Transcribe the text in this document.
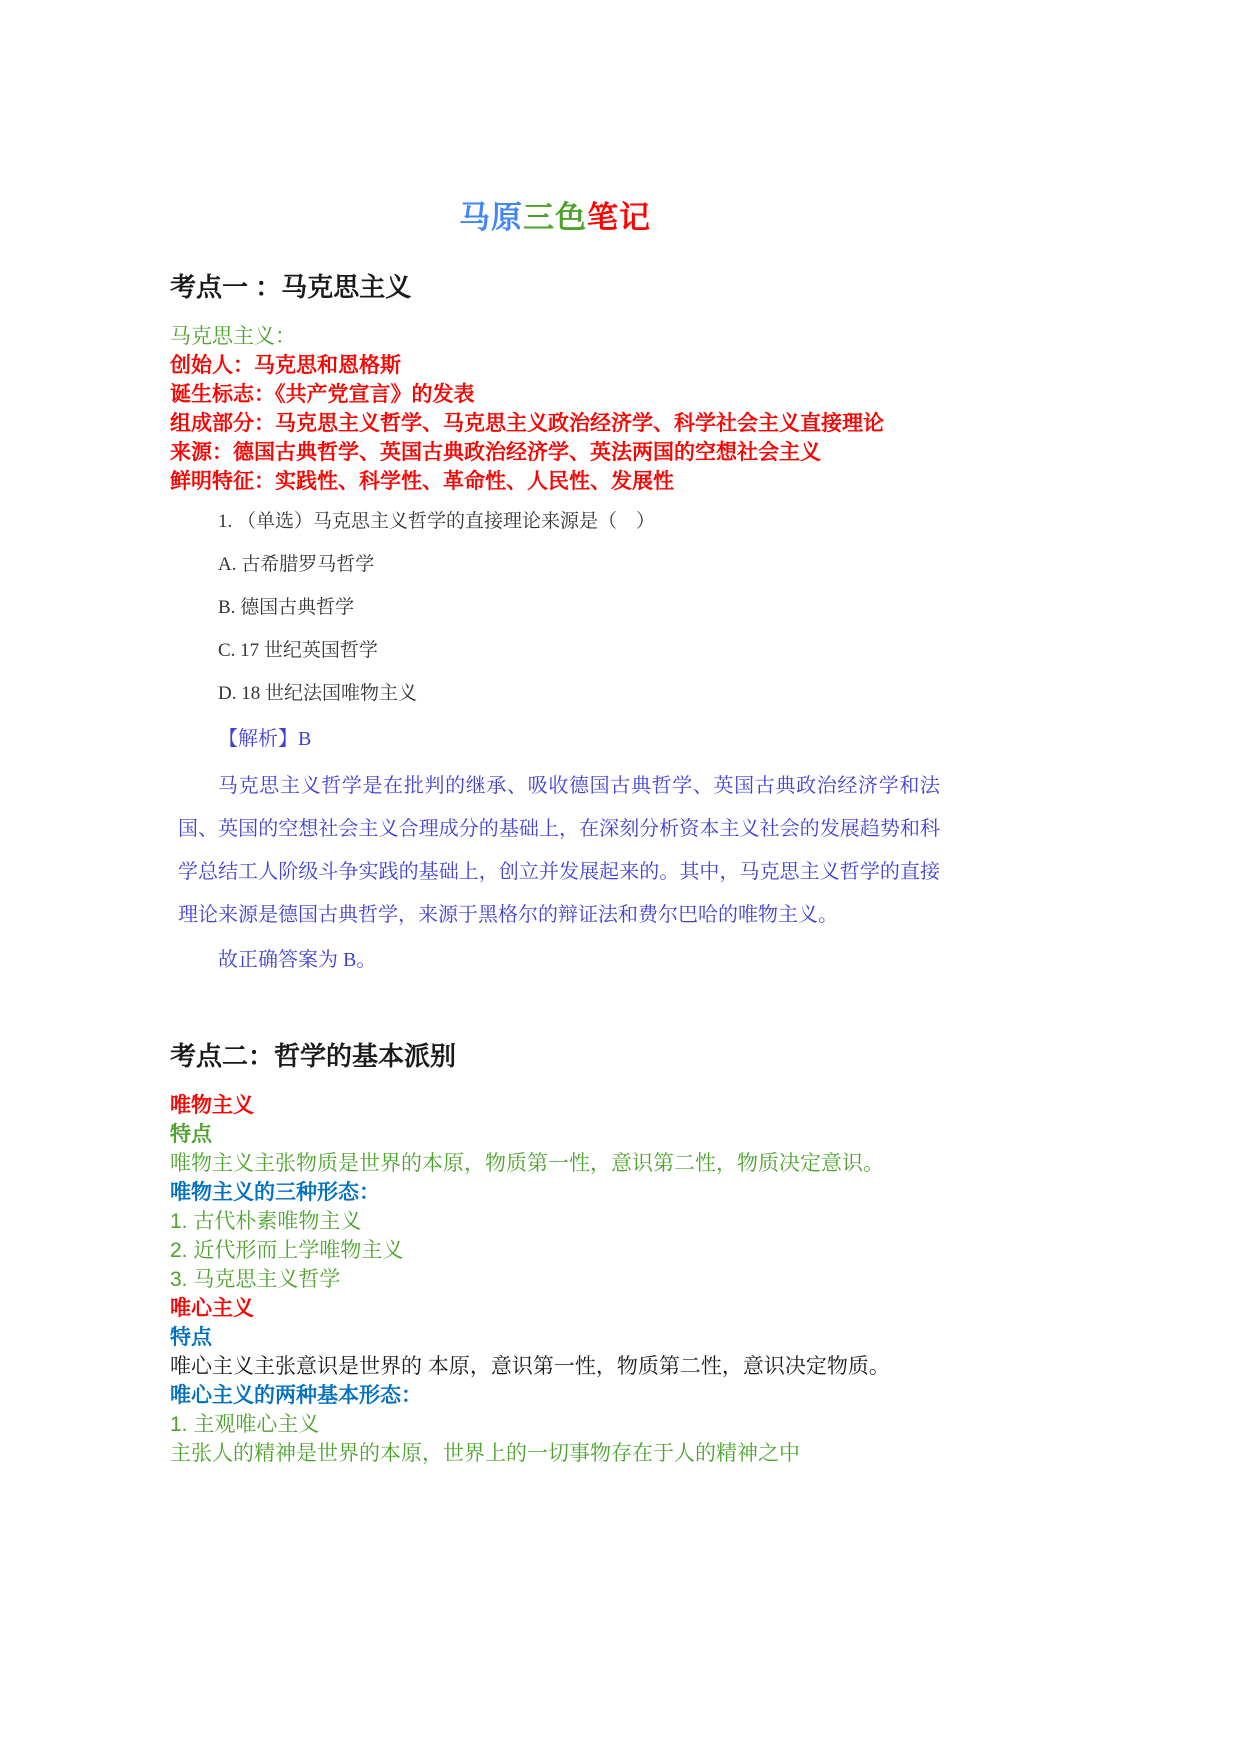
马原三色笔记
考点一 ：马克思主义
马克思主义：
创始人：马克思和恩格斯
诞生标志：《共产党宣言》的发表
组成部分：马克思主义哲学、马克思主义政治经济学、科学社会主义直接理论
来源：德国古典哲学、英国古典政治经济学、英法两国的空想社会主义
鲜明特征：实践性、科学性、革命性、人民性、发展性

1. （单选）马克思主义哲学的直接理论来源是（　）

A. 古希腊罗马哲学

B. 德国古典哲学

C. 17 世纪英国哲学

D. 18 世纪法国唯物主义

【解析】B

马克思主义哲学是在批判的继承、吸收德国古典哲学、英国古典政治经济学和法国、英国的空想社会主义合理成分的基础上，在深刻分析资本主义社会的发展趋势和科学总结工人阶级斗争实践的基础上，创立并发展起来的。其中，马克思主义哲学的直接理论来源是德国古典哲学，来源于黑格尔的辩证法和费尔巴哈的唯物主义。

故正确答案为 B。

考点二：哲学的基本派别
唯物主义
特点
唯物主义主张物质是世界的本原，物质第一性，意识第二性，物质决定意识。
唯物主义的三种形态：
1. 古代朴素唯物主义
2. 近代形而上学唯物主义
3. 马克思主义哲学
唯心主义
特点
唯心主义主张意识是世界的 本原，意识第一性，物质第二性，意识决定物质。
唯心主义的两种基本形态：
1. 主观唯心主义
主张人的精神是世界的本原，世界上的一切事物存在于人的精神之中
